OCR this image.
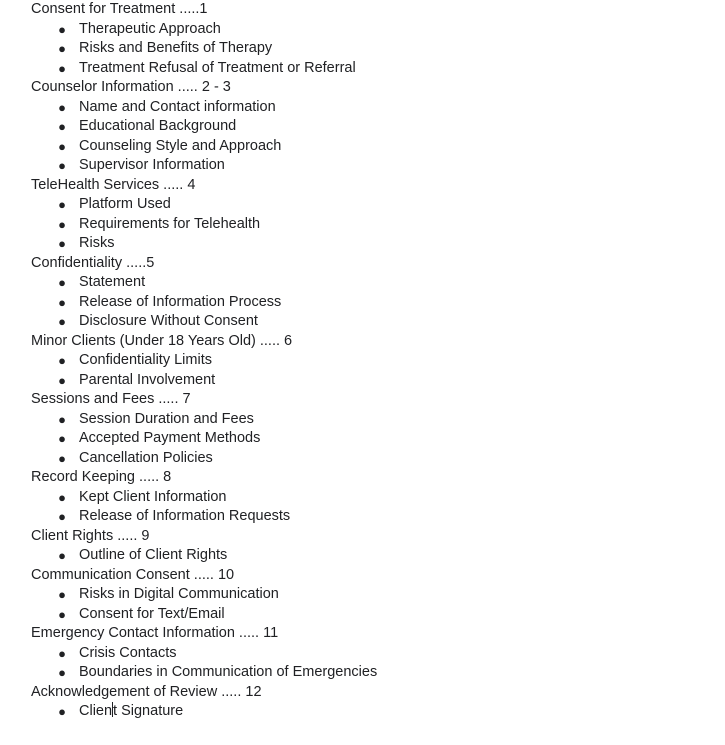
Consent for Treatment .....1
● Therapeutic Approach
● Risks and Benefits of Therapy
● Treatment Refusal of Treatment or Referral
Counselor Information ..... 2 - 3
● Name and Contact information
● Educational Background
● Counseling Style and Approach
● Supervisor Information
TeleHealth Services ..... 4
● Platform Used
● Requirements for Telehealth
● Risks
Confidentiality .....5
● Statement
● Release of Information Process
● Disclosure Without Consent
Minor Clients (Under 18 Years Old) ..... 6
● Confidentiality Limits
● Parental Involvement
Sessions and Fees ..... 7
● Session Duration and Fees
● Accepted Payment Methods
● Cancellation Policies
Record Keeping ..... 8
● Kept Client Information
● Release of Information Requests
Client Rights ..... 9
● Outline of Client Rights
Communication Consent ..... 10
● Risks in Digital Communication
● Consent for Text/Email
Emergency Contact Information ..... 11
● Crisis Contacts
● Boundaries in Communication of Emergencies
Acknowledgement of Review ..... 12
● Client Signature
